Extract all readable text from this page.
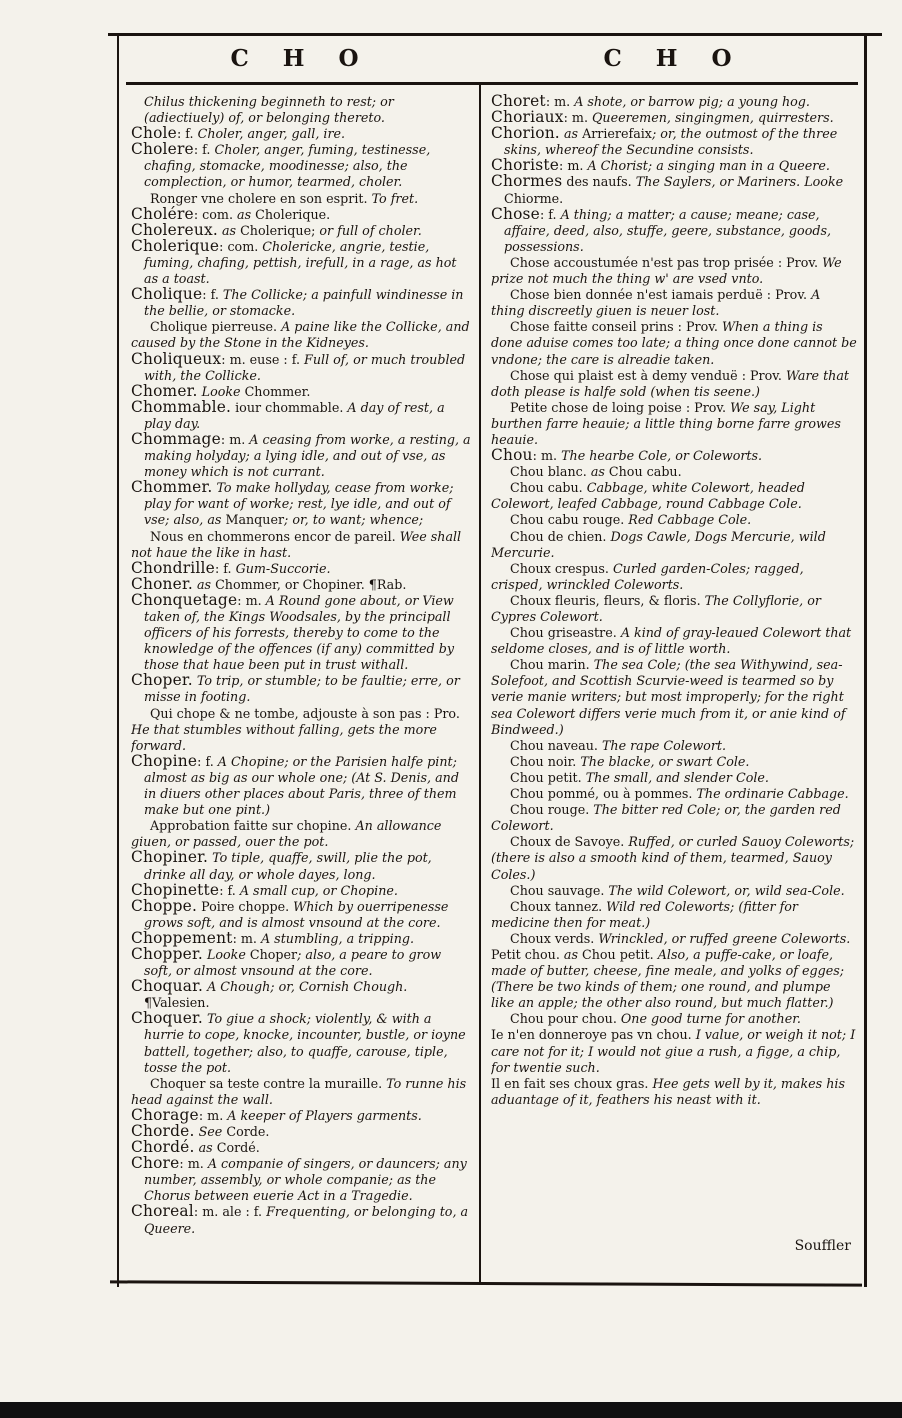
C H O	C H O

Chilus thickening beginneth to rest; or (adiectiuely) of, or belonging thereto.

Chole: f. Choler, anger, gall, ire.

Cholere: f. Choler, anger, fuming, testinesse, chafing, stomacke, moodinesse; also, the complection, or humor, tearmed, choler.

Ronger vne cholere en son esprit. To fret.

Cholére: com. as Cholerique.

Cholereux. as Cholerique; or full of choler.

Cholerique: com. Cholericke, angrie, testie, fuming, chafing, pettish, irefull, in a rage, as hot as a toast.

Cholique: f. The Collicke; a painfull windinesse in the bellie, or stomacke.

Cholique pierreuse. A paine like the Collicke, and caused by the Stone in the Kidneyes.

Choliqueux: m. euse : f. Full of, or much troubled with, the Collicke.

Chomer. Looke Chommer.

Chommable. iour chommable. A day of rest, a play day.

Chommage: m. A ceasing from worke, a resting, a making holyday; a lying idle, and out of vse, as money which is not currant.

Chommer. To make hollyday, cease from worke; play for want of worke; rest, lye idle, and out of vse; also, as Manquer; or, to want; whence;

Nous en chommerons encor de pareil. Wee shall not haue the like in hast.

Chondrille: f. Gum-Succorie.

Choner. as Chommer, or Chopiner. ¶Rab.

Chonquetage: m. A Round gone about, or View taken of, the Kings Woodsales, by the principall officers of his forrests, thereby to come to the knowledge of the offences (if any) committed by those that haue been put in trust withall.

Choper. To trip, or stumble; to be faultie; erre, or misse in footing.

Qui chope & ne tombe, adjouste à son pas : Pro. He that stumbles without falling, gets the more forward.

Chopine: f. A Chopine; or the Parisien halfe pint; almost as big as our whole one; (At S. Denis, and in diuers other places about Paris, three of them make but one pint.)

Approbation faitte sur chopine. An allowance giuen, or passed, ouer the pot.

Chopiner. To tiple, quaffe, swill, plie the pot, drinke all day, or whole dayes, long.

Chopinette: f. A small cup, or Chopine.

Choppe. Poire choppe. Which by ouerripenesse grows soft, and is almost vnsound at the core.

Choppement: m. A stumbling, a tripping.

Chopper. Looke Choper; also, a peare to grow soft, or almost vnsound at the core.

Choquar. A Chough; or, Cornish Chough. ¶Valesien.

Choquer. To giue a shock; violently, & with a hurrie to cope, knocke, incounter, bustle, or ioyne battell, together; also, to quaffe, carouse, tiple, tosse the pot.

Choquer sa teste contre la muraille. To runne his head against the wall.

Chorage: m. A keeper of Players garments.

Chorde. See Corde.

Chordé. as Cordé.

Chore: m. A companie of singers, or dauncers; any number, assembly, or whole companie; as the Chorus between euerie Act in a Tragedie.

Choreal: m. ale : f. Frequenting, or belonging to, a Queere.

Choret: m. A shote, or barrow pig; a young hog.

Choriaux: m. Queeremen, singingmen, quirresters.

Chorion. as Arrierefaix; or, the outmost of the three skins, whereof the Secundine consists.

Choriste: m. A Chorist; a singing man in a Queere.

Chormes des naufs. The Saylers, or Mariners. Looke Chiorme.

Chose: f. A thing; a matter; a cause; meane; case, affaire, deed, also, stuffe, geere, substance, goods, possessions.

Chose accoustumée n'est pas trop prisée : Prov. We prize not much the thing w' are vsed vnto.

Chose bien donnée n'est iamais perduë : Prov. A thing discreetly giuen is neuer lost.

Chose faitte conseil prins : Prov. When a thing is done aduise comes too late; a thing once done cannot be vndone; the care is alreadie taken.

Chose qui plaist est à demy venduë : Prov. Ware that doth please is halfe sold (when tis seene.)

Petite chose de loing poise : Prov. We say, Light burthen farre heauie; a little thing borne farre growes heauie.

Chou: m. The hearbe Cole, or Coleworts.

Chou blanc. as Chou cabu.

Chou cabu. Cabbage, white Colewort, headed Colewort, leafed Cabbage, round Cabbage Cole.

Chou cabu rouge. Red Cabbage Cole.

Chou de chien. Dogs Cawle, Dogs Mercurie, wild Mercurie.

Choux crespus. Curled garden-Coles; ragged, crisped, wrinckled Coleworts.

Choux fleuris, fleurs, & floris. The Collyflorie, or Cypres Colewort.

Chou griseastre. A kind of gray-leaued Colewort that seldome closes, and is of little worth.

Chou marin. The sea Cole; (the sea Withywind, sea-Solefoot, and Scottish Scurvie-weed is tearmed so by verie manie writers; but most improperly; for the right sea Colewort differs verie much from it, or anie kind of Bindweed.)

Chou naveau. The rape Colewort.

Chou noir. The blacke, or swart Cole.

Chou petit. The small, and slender Cole.

Chou pommé, ou à pommes. The ordinarie Cabbage.

Chou rouge. The bitter red Cole; or, the garden red Colewort.

Choux de Savoye. Ruffed, or curled Sauoy Coleworts; (there is also a smooth kind of them, tearmed, Sauoy Coles.)

Chou sauvage. The wild Colewort, or, wild sea-Cole.

Choux tannez. Wild red Coleworts; (fitter for medicine then for meat.)

Choux verds. Wrinckled, or ruffed greene Coleworts.

Petit chou. as Chou petit. Also, a puffe-cake, or loafe, made of butter, cheese, fine meale, and yolks of egges; (There be two kinds of them; one round, and plumpe like an apple; the other also round, but much flatter.)

Chou pour chou. One good turne for another.

Ie n'en donneroye pas vn chou. I value, or weigh it not; I care not for it; I would not giue a rush, a figge, a chip, for twentie such.

Il en fait ses choux gras. Hee gets well by it, makes his aduantage of it, feathers his neast with it.

Souffler
